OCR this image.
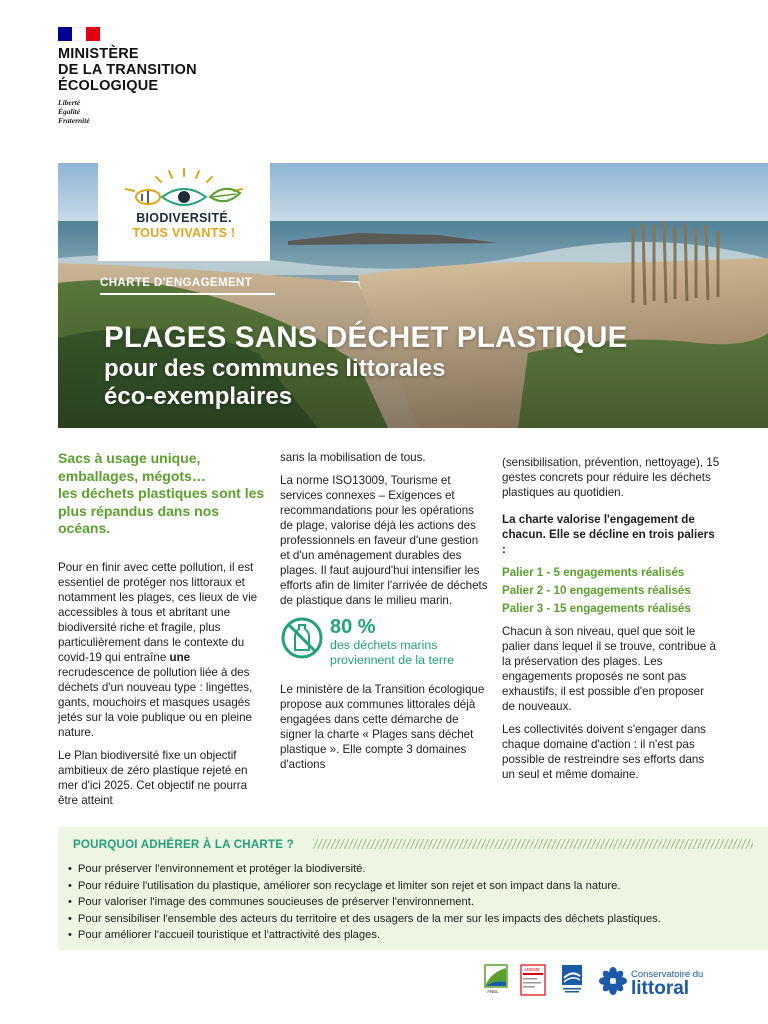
MINISTÈRE
DE LA TRANSITION
ÉCOLOGIQUE
Liberté
Égalité
Fraternité
BIODIVERSITÉ.
TOUS VIVANTS !
CHARTE D'ENGAGEMENT
PLAGES SANS DÉCHET PLASTIQUE
pour des communes littorales
éco-exemplaires
Sacs à usage unique,
emballages, mégots…
les déchets plastiques sont les plus répandus dans nos océans.

Pour en finir avec cette pollution, il est essentiel de protéger nos littoraux et notamment les plages, ces lieux de vie accessibles à tous et abritant une biodiversité riche et fragile, plus particulièrement dans le contexte du covid-19 qui entraîne une recrudescence de pollution liée à des déchets d'un nouveau type : lingettes, gants, mouchoirs et masques usagés jetés sur la voie publique ou en pleine nature.

Le Plan biodiversité fixe un objectif ambitieux de zéro plastique rejeté en mer d'ici 2025. Cet objectif ne pourra être atteint

sans la mobilisation de tous.

La norme ISO13009, Tourisme et services connexes – Exigences et recommandations pour les opérations de plage, valorise déjà les actions des professionnels en faveur d'une gestion et d'un aménagement durables des plages. Il faut aujourd'hui intensifier les efforts afin de limiter l'arrivée de déchets de plastique dans le milieu marin.

80 %
des déchets marins
proviennent de la terre

Le ministère de la Transition écologique propose aux communes littorales déjà engagées dans cette démarche de signer la charte « Plages sans déchet plastique ». Elle compte 3 domaines d'actions

(sensibilisation, prévention, nettoyage), 15 gestes concrets pour réduire les déchets plastiques au quotidien.

La charte valorise l'engagement de chacun. Elle se décline en trois paliers :

Palier 1 - 5 engagements réalisés
Palier 2 - 10 engagements réalisés
Palier 3 - 15 engagements réalisés

Chacun à son niveau, quel que soit le palier dans lequel il se trouve, contribue à la préservation des plages. Les engagements proposés ne sont pas exhaustifs, il est possible d'en proposer de nouveaux.

Les collectivités doivent s'engager dans chaque domaine d'action : il n'est pas possible de restreindre ses efforts dans un seul et même domaine.

POURQUOI ADHÉRER À LA CHARTE ?
• Pour préserver l'environnement et protéger la biodiversité.
• Pour réduire l'utilisation du plastique, améliorer son recyclage et limiter son rejet et son impact dans la nature.
• Pour valoriser l'image des communes soucieuses de préserver l'environnement.
• Pour sensibiliser l'ensemble des acteurs du territoire et des usagers de la mer sur les impacts des déchets plastiques.
• Pour améliorer l'accueil touristique et l'attractivité des plages.
ANEL
ADEME	Conservatoire du
littoral
